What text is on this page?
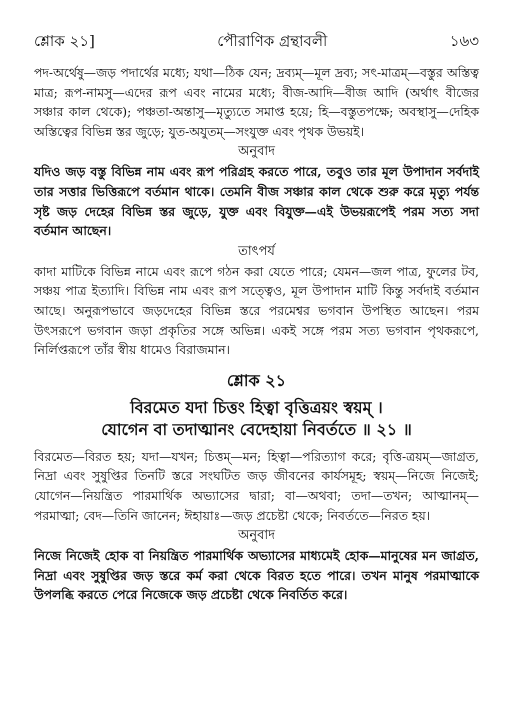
শ্লোক ২১]	পৌরাণিক গ্রন্থাবলী	১৬৩

পদ-অর্থেষু—জড় পদার্থের মধ্যে; যথা—ঠিক যেন; দ্রব্যম্—মূল দ্রব্য; সৎ-মাত্রম্—বস্তুর অস্তিত্ব মাত্র; রূপ-নামসু—এদের রূপ এবং নামের মধ্যে; বীজ-আদি—বীজ আদি (অর্থাৎ বীজের সঞ্চার কাল থেকে); পঞ্চতা-অন্তাসু—মৃত্যুতে সমাপ্ত হয়ে; হি—বস্তুতপক্ষে; অবস্থাসু—দেহিক অস্তিত্বের বিভিন্ন স্তর জুড়ে; যুত-অযুতম্—সংযুক্ত এবং পৃথক উভয়ই।

অনুবাদ

যদিও জড় বস্তু বিভিন্ন নাম এবং রূপ পরিগ্রহ করতে পারে, তবুও তার মূল উপাদান সর্বদাই তার সত্তার ভিত্তিরূপে বর্তমান থাকে। তেমনি বীজ সঞ্চার কাল থেকে শুরু করে মৃত্যু পর্যন্ত সৃষ্ট জড় দেহের বিভিন্ন স্তর জুড়ে, যুক্ত এবং বিযুক্ত—এই উভয়রূপেই পরম সত্য সদা বর্তমান আছেন।

তাৎপর্য

কাদা মাটিকে বিভিন্ন নামে এবং রূপে গঠন করা যেতে পারে; যেমন—জল পাত্র, ফুলের টব, সঞ্চয় পাত্র ইত্যাদি। বিভিন্ন নাম এবং রূপ সত্ত্বেও, মূল উপাদান মাটি কিন্তু সর্বদাই বর্তমান আছে। অনুরূপভাবে জড়দেহের বিভিন্ন স্তরে পরমেশ্বর ভগবান উপস্থিত আছেন। পরম উৎসরূপে ভগবান জড়া প্রকৃতির সঙ্গে অভিন্ন। একই সঙ্গে পরম সত্য ভগবান পৃথকরূপে, নির্লিপ্তরূপে তাঁর স্বীয় ধামেও বিরাজমান।

শ্লোক ২১

বিরমেত যদা চিত্তং হিত্বা বৃত্তিত্রয়ং স্বয়ম্ ।

যোগেন বা তদাত্মানং বেদেহায়া নিবর্ততে ॥ ২১ ॥

বিরমেত—বিরত হয়; যদা—যখন; চিত্তম্—মন; হিত্বা—পরিত্যাগ করে; বৃত্তি-ত্রয়ম্—জাগ্রত, নিদ্রা এবং সুষুপ্তির তিনটি স্তরে সংঘটিত জড় জীবনের কার্যসমূহ; স্বয়ম্—নিজে নিজেই; যোগেন—নিয়ন্ত্রিত পারমার্থিক অভ্যাসের দ্বারা; বা—অথবা; তদা—তখন; আত্মানম্—পরমাত্মা; বেদ—তিনি জানেন; ঈহায়াঃ—জড় প্রচেষ্টা থেকে; নিবর্ততে—নিরত হয়।

অনুবাদ

নিজে নিজেই হোক বা নিয়ন্ত্রিত পারমার্থিক অভ্যাসের মাধ্যমেই হোক—মানুষের মন জাগ্রত, নিদ্রা এবং সুষুপ্তির জড় স্তরে কর্ম করা থেকে বিরত হতে পারে। তখন মানুষ পরমাত্মাকে উপলব্ধি করতে পেরে নিজেকে জড় প্রচেষ্টা থেকে নিবর্তিত করে।
